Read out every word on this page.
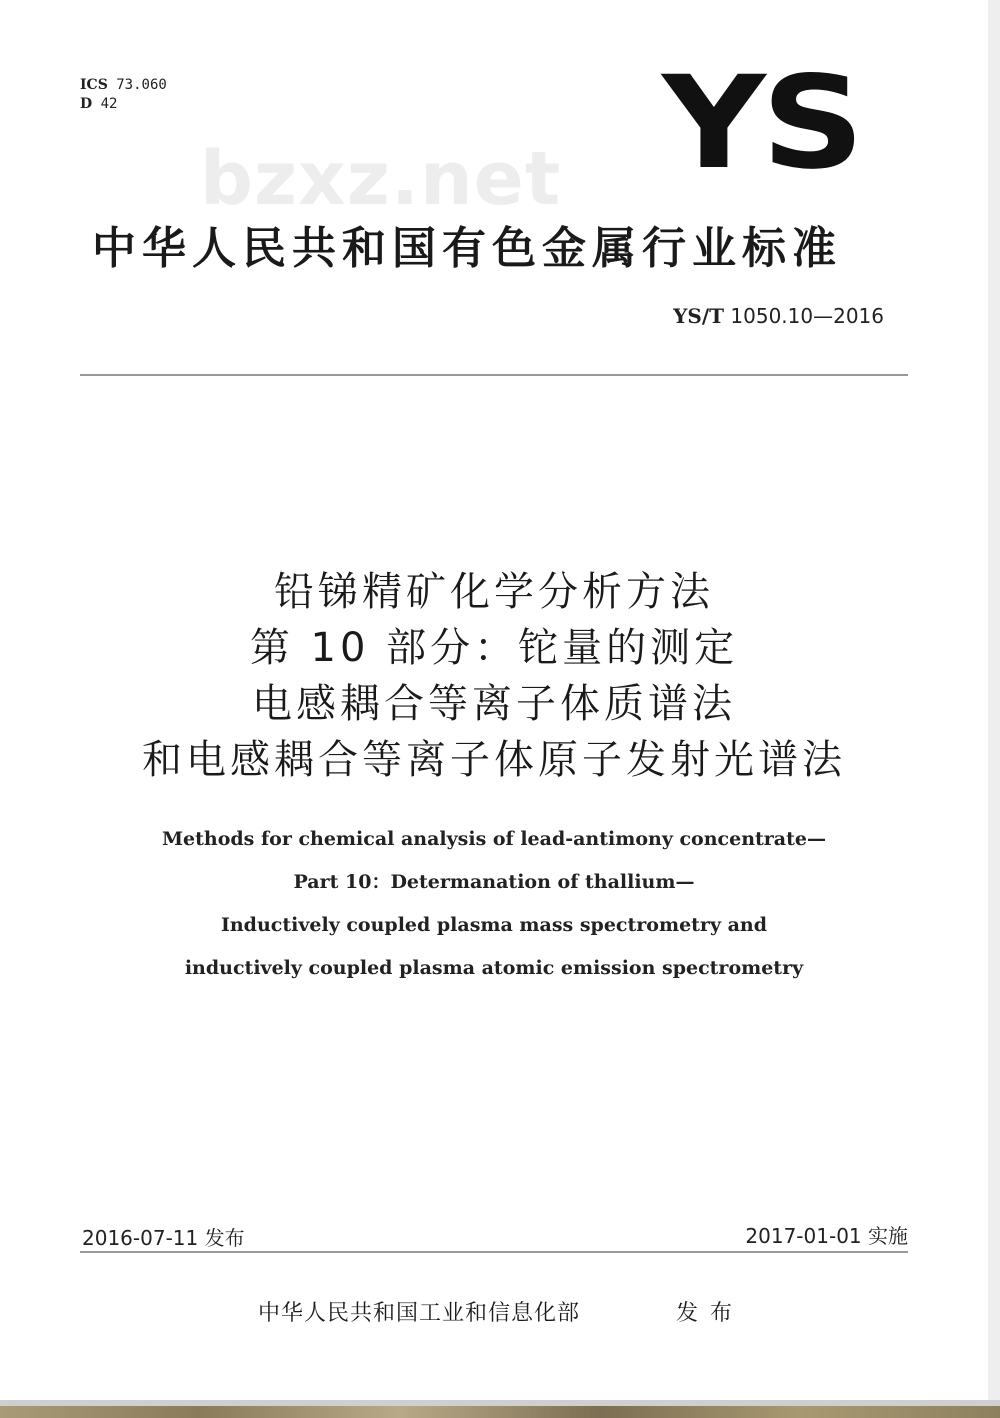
ICS 73.060
D 42
bzxz.net YS
中华人民共和国有色金属行业标准
YS/T 1050.10—2016
铅锑精矿化学分析方法
第 10 部分：铊量的测定
电感耦合等离子体质谱法
和电感耦合等离子体原子发射光谱法
Methods for chemical analysis of lead-antimony concentrate—
Part 10：Determanation of thallium—
Inductively coupled plasma mass spectrometry and
inductively coupled plasma atomic emission spectrometry
2016-07-11 发布	2017-01-01 实施
中华人民共和国工业和信息化部	发布
